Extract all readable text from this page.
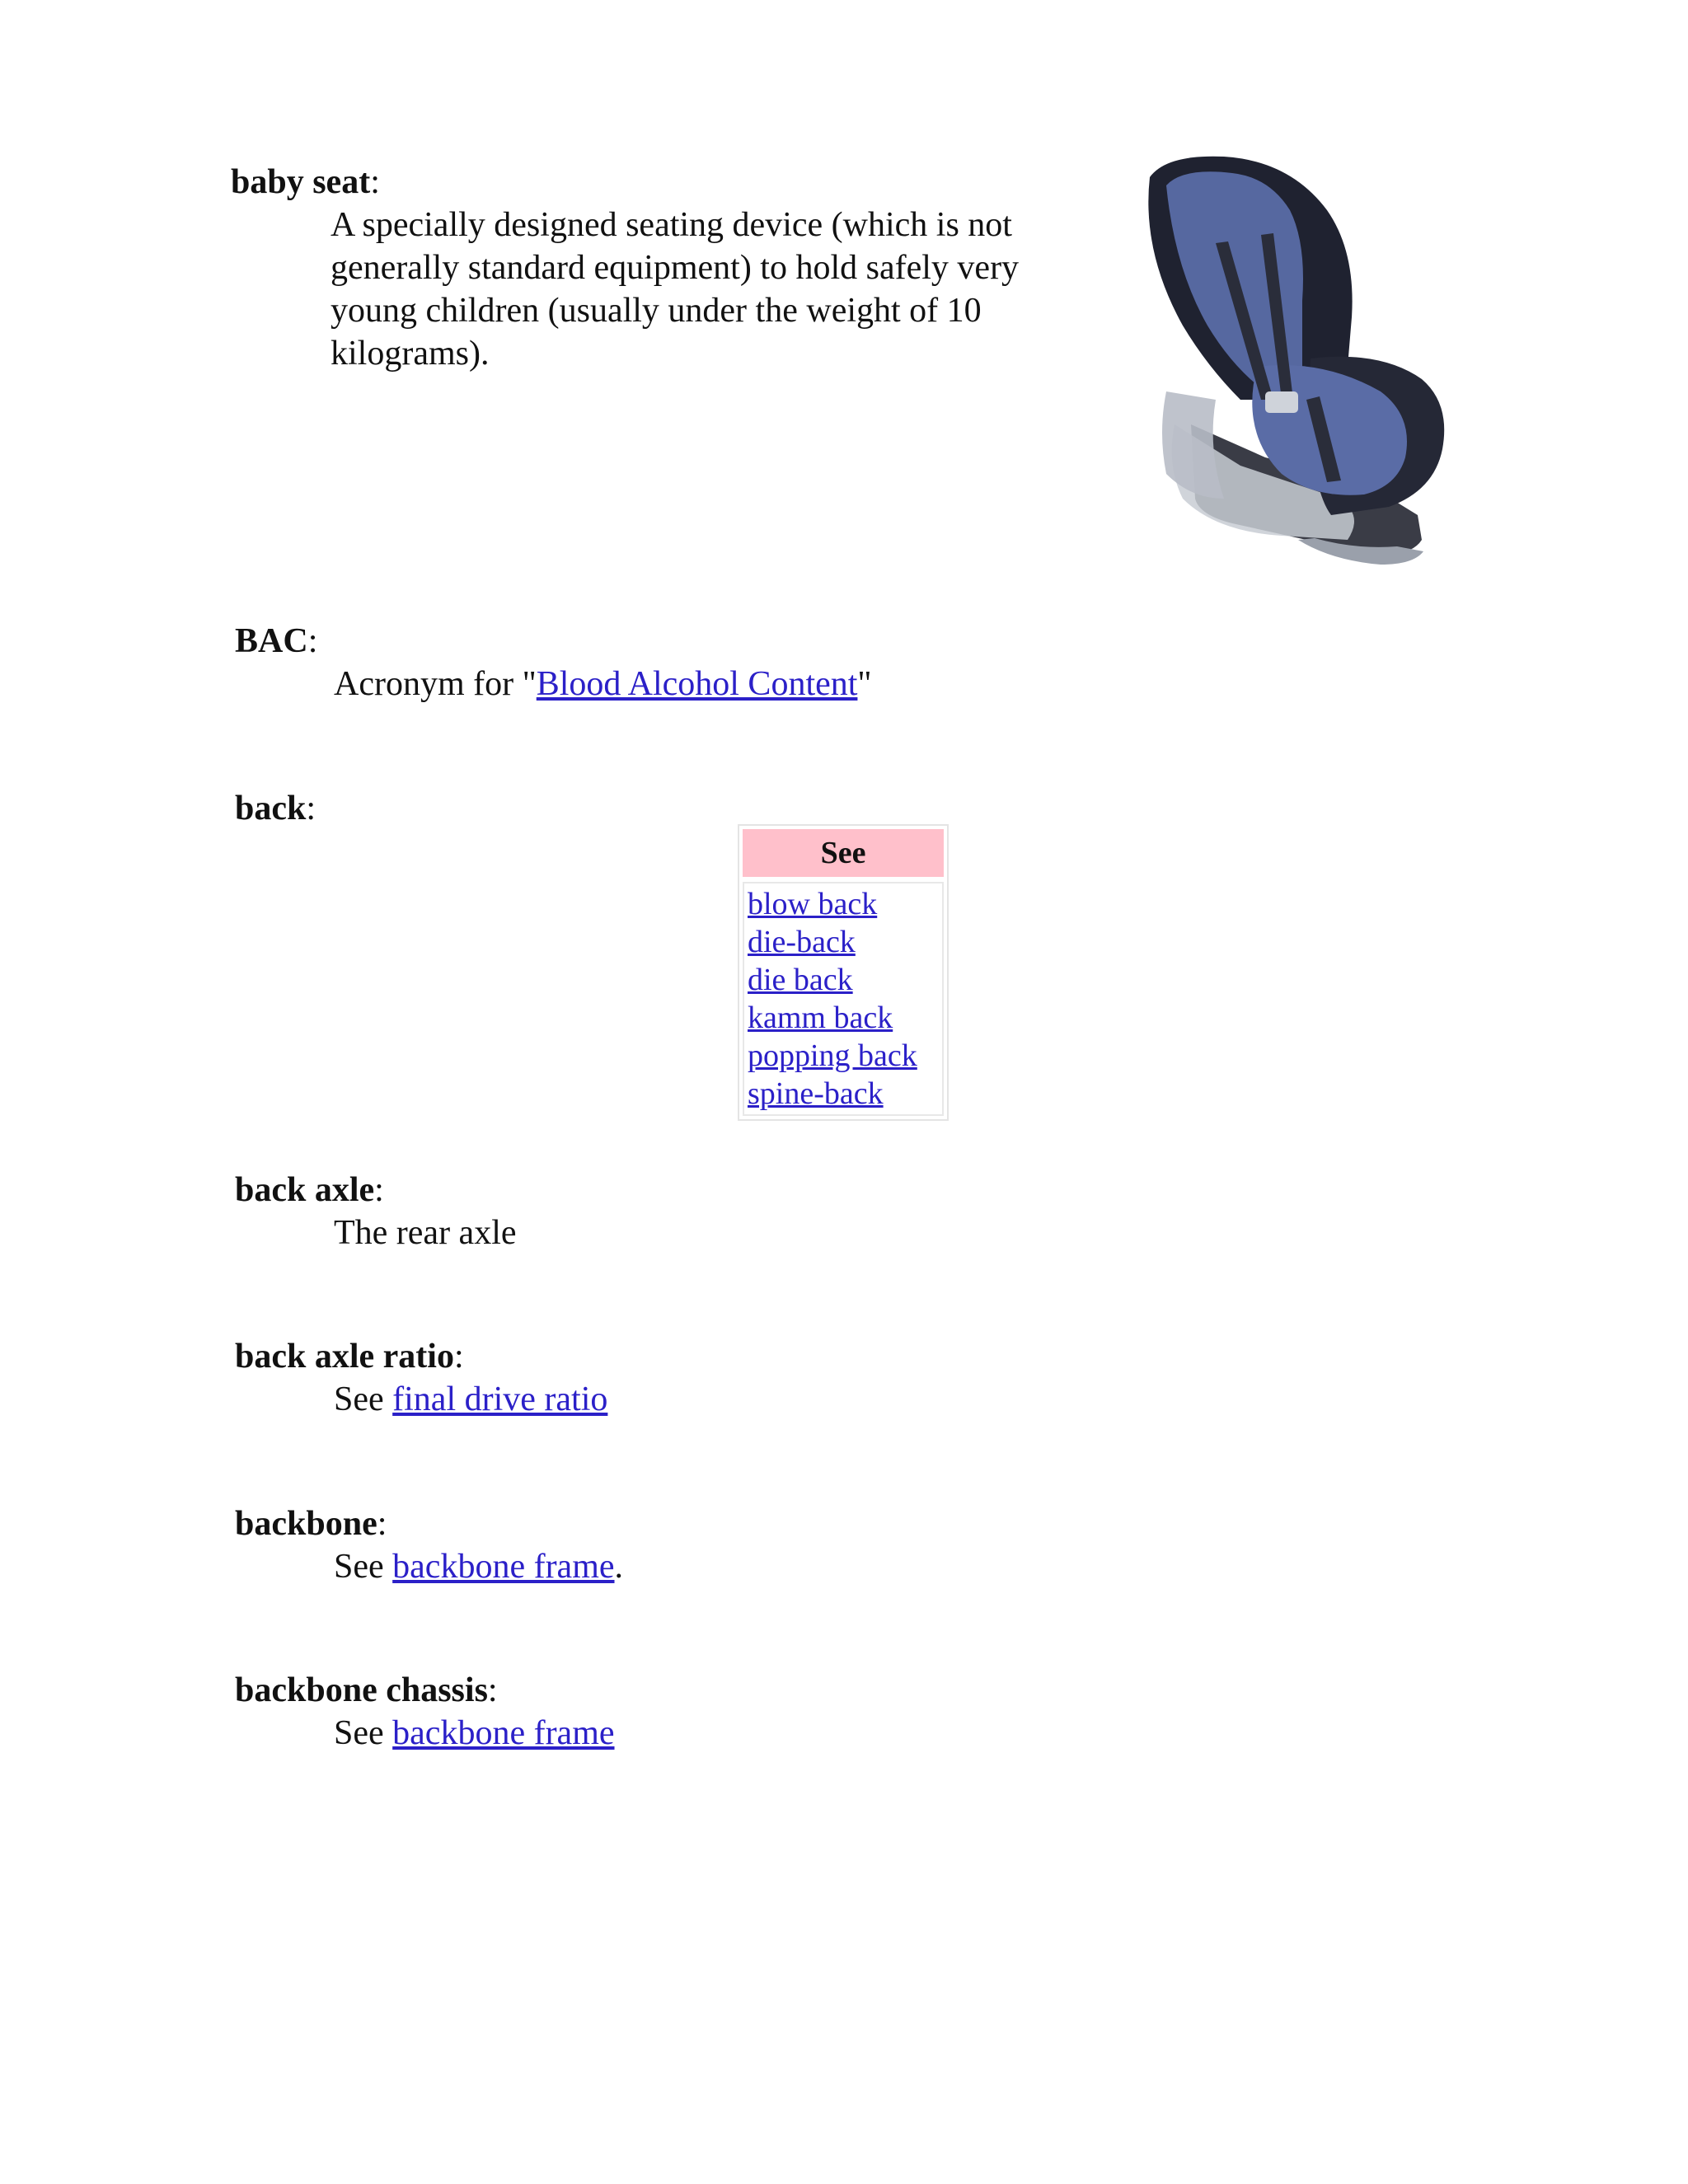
baby seat:
A specially designed seating device (which is not generally standard equipment) to hold safely very young children (usually under the weight of 10 kilograms).
BAC:
Acronym for "Blood Alcohol Content"
back:
See
blow back
die-back
die back
kamm back
popping back
spine-back
back axle:
The rear axle
back axle ratio:
See final drive ratio
backbone:
See backbone frame.
backbone chassis:
See backbone frame
